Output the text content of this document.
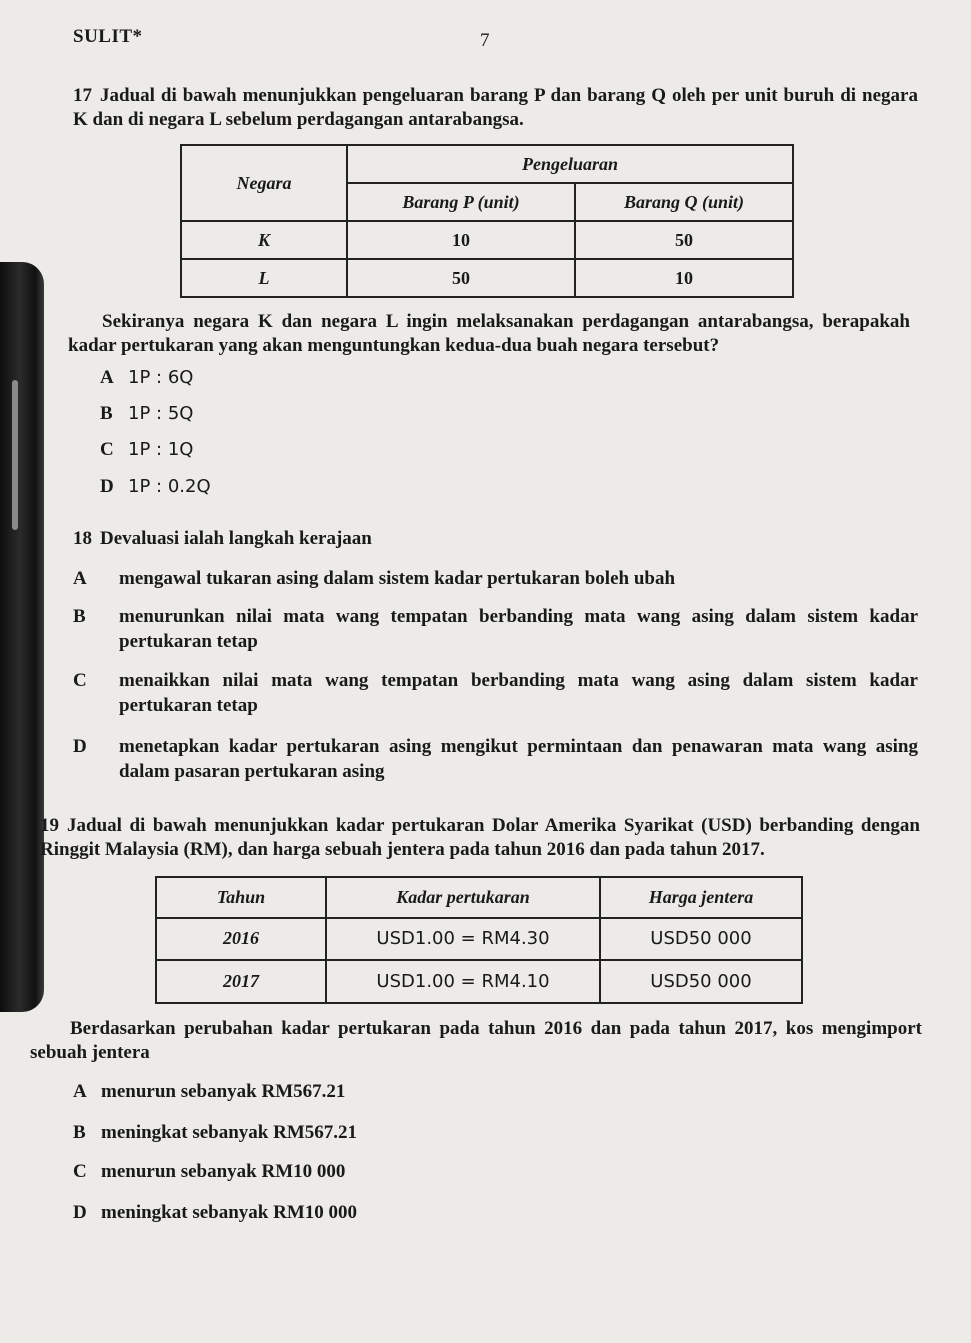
SULIT*	7
17 Jadual di bawah menunjukkan pengeluaran barang P dan barang Q oleh per unit buruh di negara K dan di negara L sebelum perdagangan antarabangsa.
Negara	Pengeluaran	
	Barang P (unit)	Barang Q (unit)
K	10	50
L	50	10
Sekiranya negara K dan negara L ingin melaksanakan perdagangan antarabangsa, berapakah kadar pertukaran yang akan menguntungkan kedua-dua buah negara tersebut?
A 1P : 6Q
B 1P : 5Q
C 1P : 1Q
D 1P : 0.2Q
18 Devaluasi ialah langkah kerajaan
A mengawal tukaran asing dalam sistem kadar pertukaran boleh ubah
B menurunkan nilai mata wang tempatan berbanding mata wang asing dalam sistem kadar pertukaran tetap
C menaikkan nilai mata wang tempatan berbanding mata wang asing dalam sistem kadar pertukaran tetap
D menetapkan kadar pertukaran asing mengikut permintaan dan penawaran mata wang asing dalam pasaran pertukaran asing
19 Jadual di bawah menunjukkan kadar pertukaran Dolar Amerika Syarikat (USD) berbanding dengan Ringgit Malaysia (RM), dan harga sebuah jentera pada tahun 2016 dan pada tahun 2017.
Tahun	Kadar pertukaran	Harga jentera
2016	USD1.00 = RM4.30	USD50 000
2017	USD1.00 = RM4.10	USD50 000
Berdasarkan perubahan kadar pertukaran pada tahun 2016 dan pada tahun 2017, kos mengimport sebuah jentera
A menurun sebanyak RM567.21
B meningkat sebanyak RM567.21
C menurun sebanyak RM10 000
D meningkat sebanyak RM10 000
